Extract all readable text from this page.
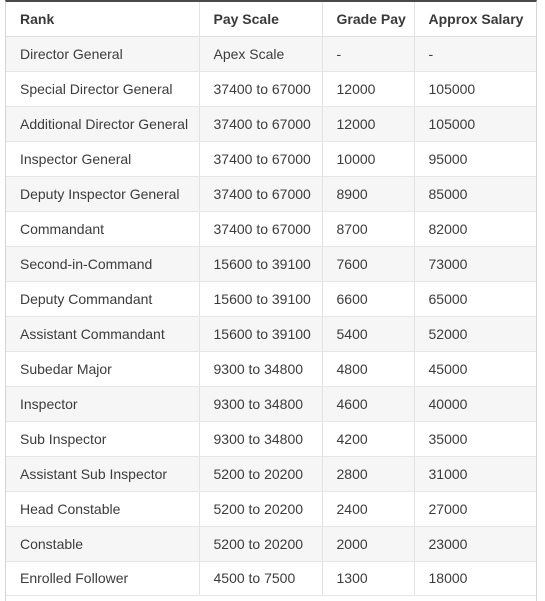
Rank	Pay Scale	Grade Pay	Approx Salary
Director General	Apex Scale	-	-
Special Director General	37400 to 67000	12000	105000
Additional Director General	37400 to 67000	12000	105000
Inspector General	37400 to 67000	10000	95000
Deputy Inspector General	37400 to 67000	8900	85000
Commandant	37400 to 67000	8700	82000
Second-in-Command	15600 to 39100	7600	73000
Deputy Commandant	15600 to 39100	6600	65000
Assistant Commandant	15600 to 39100	5400	52000
Subedar Major	9300 to 34800	4800	45000
Inspector	9300 to 34800	4600	40000
Sub Inspector	9300 to 34800	4200	35000
Assistant Sub Inspector	5200 to 20200	2800	31000
Head Constable	5200 to 20200	2400	27000
Constable	5200 to 20200	2000	23000
Enrolled Follower	4500 to 7500	1300	18000
